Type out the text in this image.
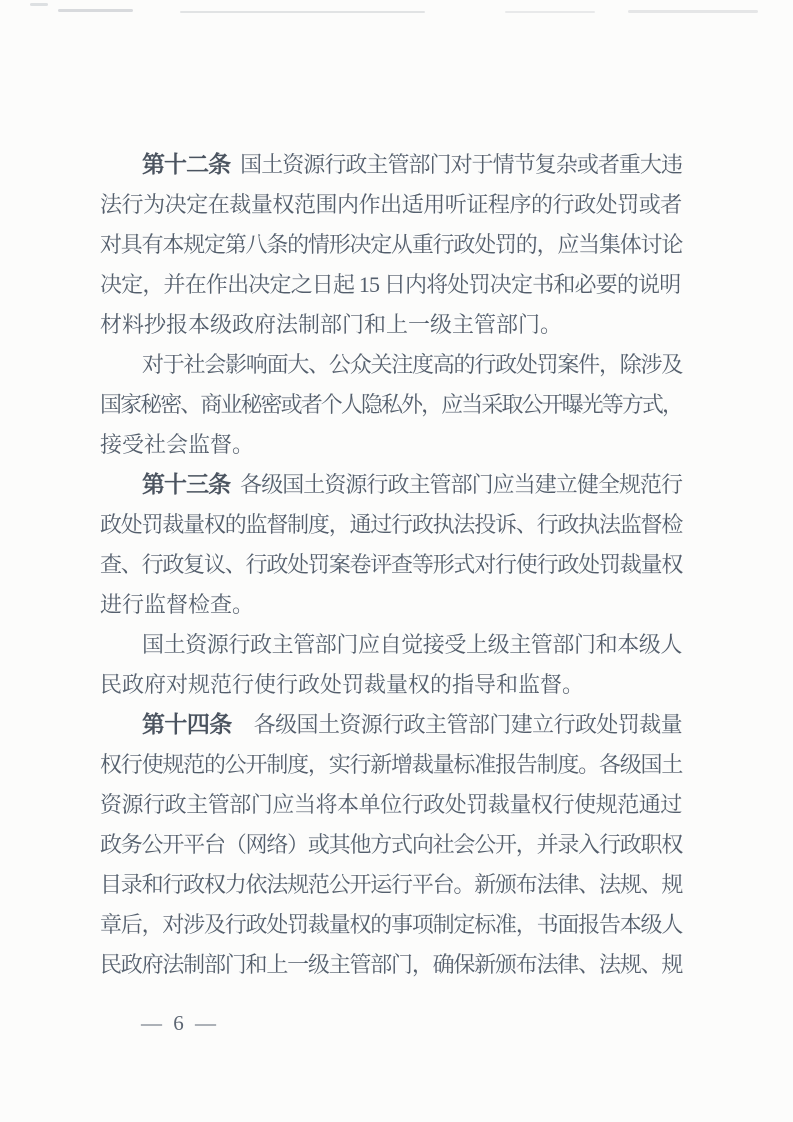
第十二条 国土资源行政主管部门对于情节复杂或者重大违
法行为决定在裁量权范围内作出适用听证程序的行政处罚或者
对具有本规定第八条的情形决定从重行政处罚的，应当集体讨论
决定，并在作出决定之日起 15 日内将处罚决定书和必要的说明
材料抄报本级政府法制部门和上一级主管部门。
对于社会影响面大、公众关注度高的行政处罚案件，除涉及
国家秘密、商业秘密或者个人隐私外，应当采取公开曝光等方式，
接受社会监督。
第十三条 各级国土资源行政主管部门应当建立健全规范行
政处罚裁量权的监督制度，通过行政执法投诉、行政执法监督检
查、行政复议、行政处罚案卷评查等形式对行使行政处罚裁量权
进行监督检查。
国土资源行政主管部门应自觉接受上级主管部门和本级人
民政府对规范行使行政处罚裁量权的指导和监督。
第十四条 各级国土资源行政主管部门建立行政处罚裁量
权行使规范的公开制度，实行新增裁量标准报告制度。各级国土
资源行政主管部门应当将本单位行政处罚裁量权行使规范通过
政务公开平台（网络）或其他方式向社会公开，并录入行政职权
目录和行政权力依法规范公开运行平台。新颁布法律、法规、规
章后，对涉及行政处罚裁量权的事项制定标准，书面报告本级人
民政府法制部门和上一级主管部门，确保新颁布法律、法规、规
— 6 —
